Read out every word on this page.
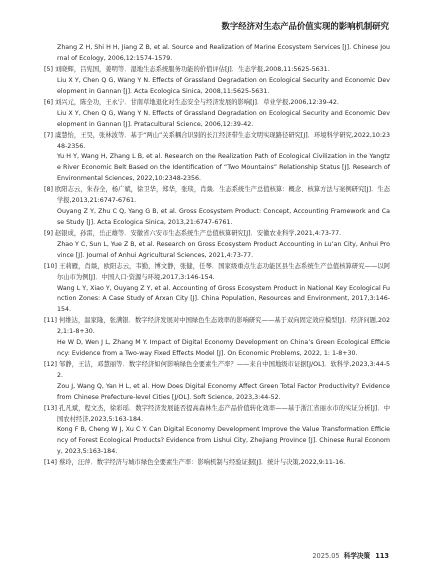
数字经济对生态产品价值实现的影响机制研究
Zhang Z H, Shi H H, Jiang Z B, et al. Source and Realization of Marine Ecosystem Services [J]. Chinese Journal of Ecology, 2006,12:1574-1579.
[5] 刘晓辉，吕宪国，姜明等．湿地生态系统服务功能的价值评估[J]．生态学报,2008,11:5625-5631.
Liu X Y, Chen Q G, Wang Y N. Effects of Grassland Degradation on Ecological Security and Economic Development in Gannan [J]. Acta Ecologica Sinica, 2008,11:5625-5631.
[6] 刘兴元，陈全功，王永宁．甘南草地退化对生态安全与经济发展的影响[J]．草业学报,2006,12:39-42.
Liu X Y, Chen Q G, Wang Y N. Effects of Grassland Degradation on Ecological Security and Economic Development in Gannan [J]. Pratacultural Science, 2006,12:39-42.
[7] 虞慧怡，王昊，张林波等．基于“两山”关系耦合识别的长江经济带生态文明实现路径研究[J]．环境科学研究,2022,10:2348-2356.
Yu H Y, Wang H, Zhang L B, et al. Research on the Realization Path of Ecological Civilization in the Yangtze River Economic Belt Based on the Identification of “Two Mountains” Relationship Status [J]. Research of Environmental Sciences, 2022,10:2348-2356.
[8] 欧阳志云，朱春全，杨广斌，徐卫华，郑华，张琰，肖燚．生态系统生产总值核算：概念、核算方法与案例研究[J]．生态学报,2013,21:6747-6761.
Ouyang Z Y, Zhu C Q, Yang G B, et al. Gross Ecosystem Product: Concept, Accounting Framework and Case Study [J]. Acta Ecologica Sinica, 2013,21:6747-6761.
[9] 赵银成，孙雷，岳正雄等．安徽省六安市生态系统生产总值核算研究[J]．安徽农业科学,2021,4:73-77.
Zhao Y C, Sun L, Yue Z B, et al. Research on Gross Ecosystem Product Accounting in Lu’an City, Anhui Province [J]. Journal of Anhui Agricultural Sciences, 2021,4:73-77.
[10] 王莉雁，肖燚，欧阳志云，韦勤，博文静，张健，任琴．国家级重点生态功能区县生态系统生产总值核算研究——以阿尔山市为例[J]．中国人口·资源与环境,2017,3:146-154.
Wang L Y, Xiao Y, Ouyang Z Y, et al. Accounting of Gross Ecosystem Product in National Key Ecological Function Zones: A Case Study of Arxan City [J]. China Population, Resources and Environment, 2017,3:146-154.
[11] 何维达，温家隆，张满银．数字经济发展对中国绿色生态效率的影响研究——基于双向固定效应模型[J]．经济问题,2022,1:1-8+30.
He W D, Wen J L, Zhang M Y. Impact of Digital Economy Development on China’s Green Ecological Efficiency: Evidence from a Two-way Fixed Effects Model [J]. On Economic Problems, 2022, 1: 1-8+30.
[12] 邹静，王洁，邓慧丽等．数字经济如何影响绿色全要素生产率？——来自中国地级市证据[J/OL]．软科学,2023,3:44-52.
Zou J, Wang Q, Yan H L, et al. How Does Digital Economy Affect Green Total Factor Productivity? Evidence from Chinese Prefecture-level Cities [J/OL]. Soft Science, 2023,3:44-52.
[13] 孔凡斌，程文杰，徐彩瑶．数字经济发展能否提高森林生态产品价值转化效率——基于浙江省丽水市的实证分析[J]．中国农村经济,2023,5:163-184.
Kong F B, Cheng W J, Xu C Y. Can Digital Economy Development Improve the Value Transformation Efficiency of Forest Ecological Products? Evidence from Lishui City, Zhejiang Province [J]. Chinese Rural Economy, 2023,5:163-184.
[14] 蔡玲，汪萍．数字经济与城市绿色全要素生产率：影响机制与经验证据[J]．统计与决策,2022,9:11-16.
2025.05 科学决策 113
